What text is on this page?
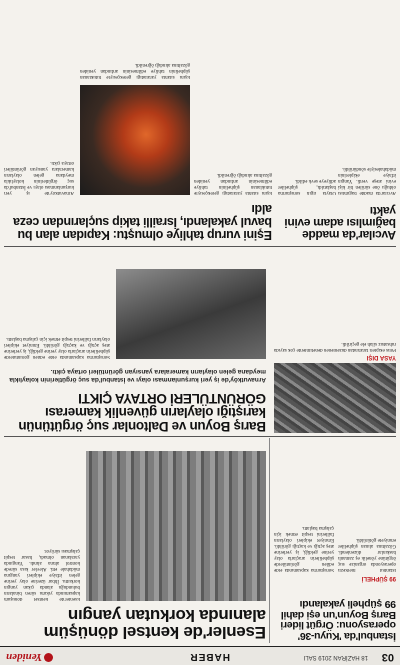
03
18 HAZİRAN 2019 SALI
HABER
Yeniden
İstanbul'da 'Kuyu-36' operasyonu: Örgüt lideri Barış Boyun'un eşi dahil 99 şüpheli yakalandı
99 ŞÜPHELİ
İstanbul merkezli operasyonda organize suç örgütüne yönelik eş zamanlı baskınlar düzenlendi. Gözaltına alınan şüpheliler emniyete götürüldü.
Soruşturma kapsamında elde edilen görüntülerde şüphelilerin araçlarla olay yerine geldiği, iş yerlerine ateş açtığı ve kaçtığı görüldü. Emniyet ekipleri olayların faillerini tespit etmek için çalışma başlattı.
Esenler'de kentsel dönüşüm alanında korkutan yangın
Esenler'de kentsel dönüşüm kapsamında yıkımı süren binaların bulunduğu alanda çıkan yangın korkuttu. İhbar üzerine olay yerine gelen itfaiye ekipleri yangına müdahale etti. Alevler kısa sürede kontrol altına alındı. Yangında yaralanan olmadı, hasar tespit çalışması sürüyor.
YASA DIŞI
Polis ekipleri tarafından düzenlenen denetimlerde çok sayıda ruhsatsız silah ele geçirildi.
Barış Boyun ve Daltonlar suç örgütünün karıştığı olayların güvenlik kamerası GÖRÜNTÜLERİ ORTAYA ÇIKTI
Arnavutköy'de iş yeri kurşunlanması olayı ve İstanbul'da suç örgütlerinin kolaylıkla meydana gelen olayların kameralara yansıyan görüntüleri ortaya çıktı.
Soruşturma kapsamında elde edilen görüntülerde şüphelilerin araçlarla olay yerine geldiği, iş yerlerine ateş açtığı ve kaçtığı görüldü. Emniyet ekipleri olayların faillerini tespit etmek için çalışma başlattı.
Avcılar'da madde bağımlısı adam evini yaktı
Avcılar'da madde bağımlısı olduğu öne sürülen bir kişi evini ateşe verdi. Yangın itfaiye ekiplerinin müdahalesiyle söndürüldü.
Olayla ilgili soruşturma başlatıldı, şüpheliler adliyeye sevk edildi.
Eşini vurup tahliye olmuştu: Kapıdan alan bu bavul yakalandı, İsrailli takip suçlarından ceza aldı
Eşini silahla yaraladığı gerekçesiyle tutuklanan şüphelinin tahliye edilmesinin ardından yeniden gözaltına alındığı öğrenildi.
Arnavutköy'de iş yeri kurşunlanması olayı ve İstanbul'da suç örgütlerinin kolaylıkla meydana gelen olayların kameralara yansıyan görüntüleri ortaya çıktı.
Eşini silahla yaraladığı gerekçesiyle tutuklanan şüphelinin tahliye edilmesinin ardından yeniden gözaltına alındığı öğrenildi.
